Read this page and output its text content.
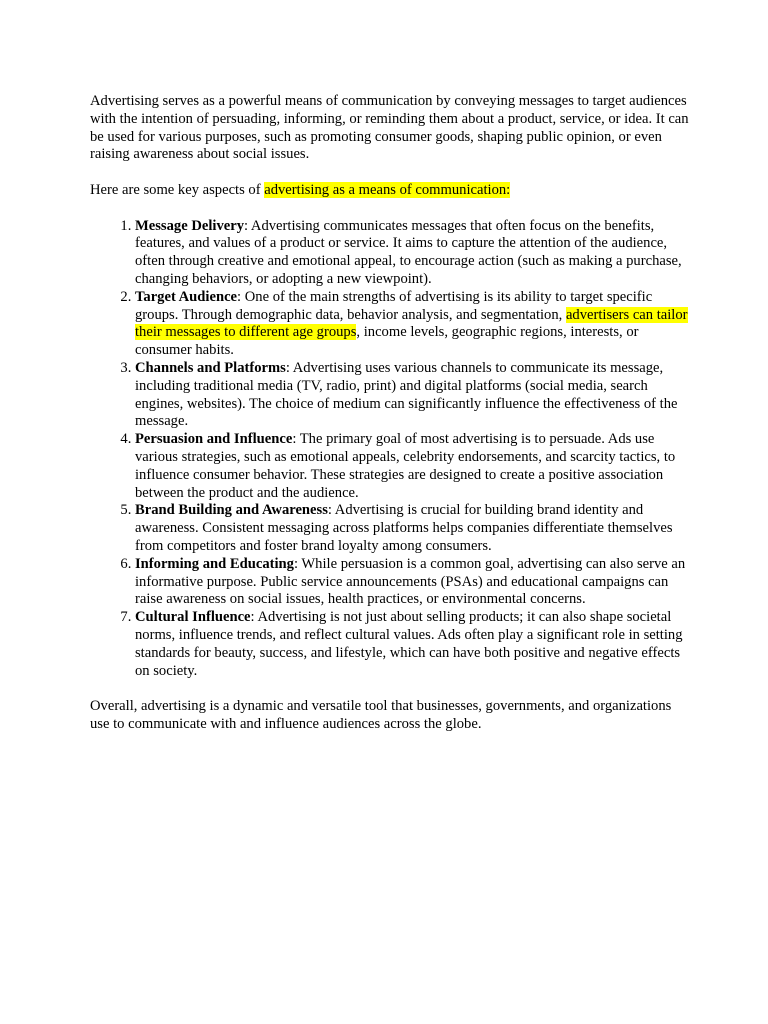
Advertising serves as a powerful means of communication by conveying messages to target audiences with the intention of persuading, informing, or reminding them about a product, service, or idea. It can be used for various purposes, such as promoting consumer goods, shaping public opinion, or even raising awareness about social issues.

Here are some key aspects of advertising as a means of communication:

1. Message Delivery: Advertising communicates messages that often focus on the benefits, features, and values of a product or service. It aims to capture the attention of the audience, often through creative and emotional appeal, to encourage action (such as making a purchase, changing behaviors, or adopting a new viewpoint).
2. Target Audience: One of the main strengths of advertising is its ability to target specific groups. Through demographic data, behavior analysis, and segmentation, advertisers can tailor their messages to different age groups, income levels, geographic regions, interests, or consumer habits.
3. Channels and Platforms: Advertising uses various channels to communicate its message, including traditional media (TV, radio, print) and digital platforms (social media, search engines, websites). The choice of medium can significantly influence the effectiveness of the message.
4. Persuasion and Influence: The primary goal of most advertising is to persuade. Ads use various strategies, such as emotional appeals, celebrity endorsements, and scarcity tactics, to influence consumer behavior. These strategies are designed to create a positive association between the product and the audience.
5. Brand Building and Awareness: Advertising is crucial for building brand identity and awareness. Consistent messaging across platforms helps companies differentiate themselves from competitors and foster brand loyalty among consumers.
6. Informing and Educating: While persuasion is a common goal, advertising can also serve an informative purpose. Public service announcements (PSAs) and educational campaigns can raise awareness on social issues, health practices, or environmental concerns.
7. Cultural Influence: Advertising is not just about selling products; it can also shape societal norms, influence trends, and reflect cultural values. Ads often play a significant role in setting standards for beauty, success, and lifestyle, which can have both positive and negative effects on society.

Overall, advertising is a dynamic and versatile tool that businesses, governments, and organizations use to communicate with and influence audiences across the globe.
